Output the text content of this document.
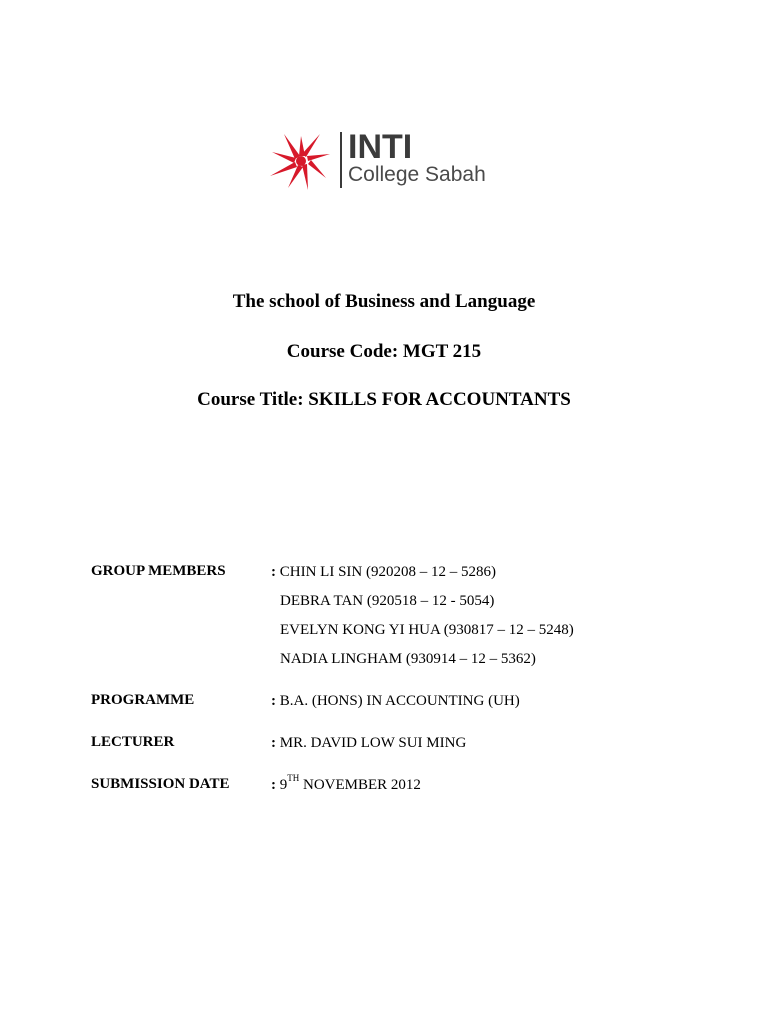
INTI
College Sabah
The school of Business and Language
Course Code: MGT 215
Course Title: SKILLS FOR ACCOUNTANTS
GROUP MEMBERS	: CHIN LI SIN (920208 – 12 – 5286)
DEBRA TAN (920518 – 12 - 5054)
EVELYN KONG YI HUA (930817 – 12 – 5248)
NADIA LINGHAM (930914 – 12 – 5362)
PROGRAMME	: B.A. (HONS) IN ACCOUNTING (UH)
LECTURER	: MR. DAVID LOW SUI MING
SUBMISSION DATE	: 9TH NOVEMBER 2012
